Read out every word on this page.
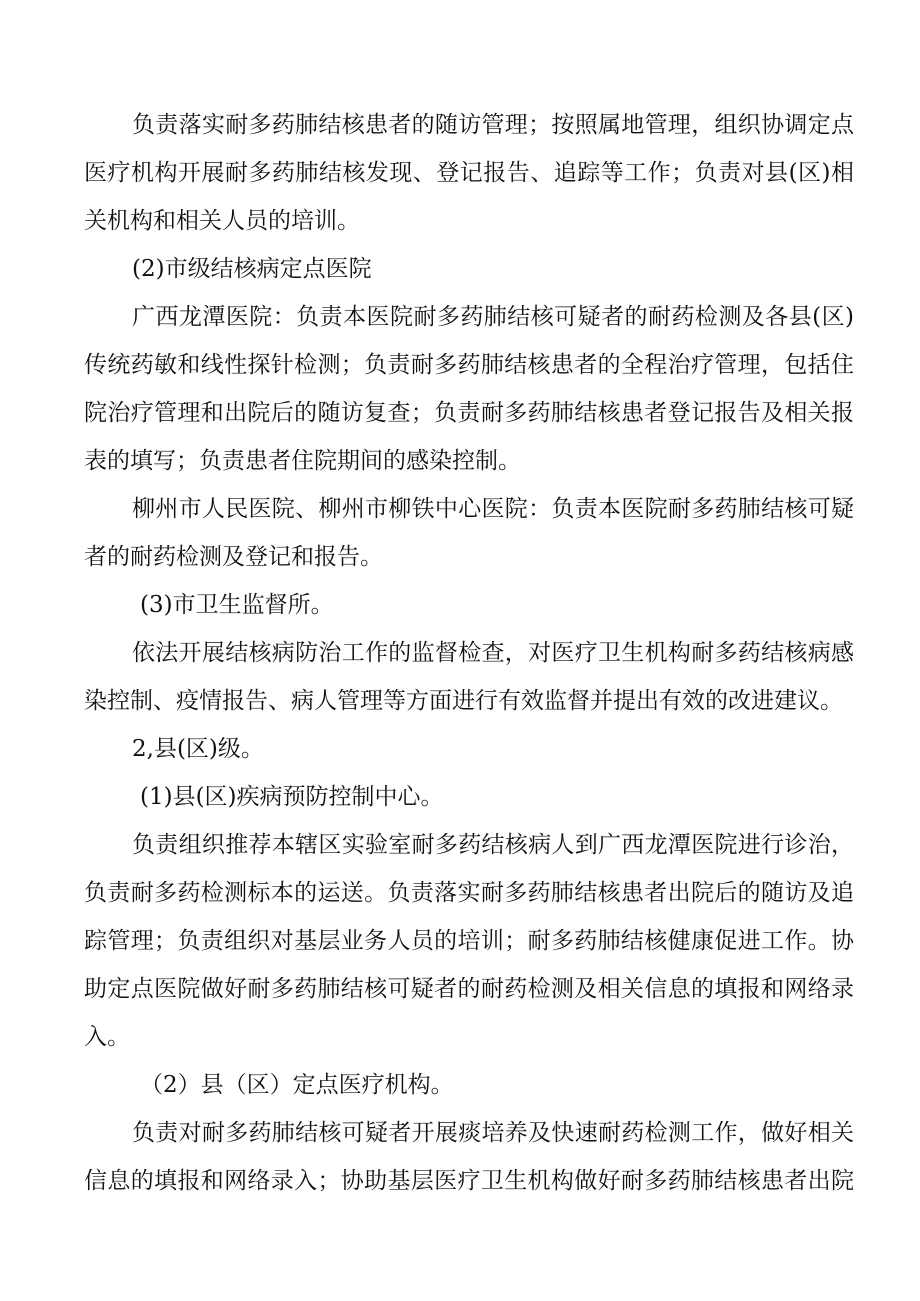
负责落实耐多药肺结核患者的随访管理；按照属地管理，组织协调定点
医疗机构开展耐多药肺结核发现、登记报告、追踪等工作；负责对县(区)相
关机构和相关人员的培训。
(2)市级结核病定点医院
广西龙潭医院：负责本医院耐多药肺结核可疑者的耐药检测及各县(区)
传统药敏和线性探针检测；负责耐多药肺结核患者的全程治疗管理，包括住
院治疗管理和出院后的随访复查；负责耐多药肺结核患者登记报告及相关报
表的填写；负责患者住院期间的感染控制。
柳州市人民医院、柳州市柳铁中心医院：负责本医院耐多药肺结核可疑
者的耐药检测及登记和报告。
(3)市卫生监督所。
依法开展结核病防治工作的监督检查，对医疗卫生机构耐多药结核病感
染控制、疫情报告、病人管理等方面进行有效监督并提出有效的改进建议。
2,县(区)级。
(1)县(区)疾病预防控制中心。
负责组织推荐本辖区实验室耐多药结核病人到广西龙潭医院进行诊治，
负责耐多药检测标本的运送。负责落实耐多药肺结核患者出院后的随访及追
踪管理；负责组织对基层业务人员的培训；耐多药肺结核健康促进工作。协
助定点医院做好耐多药肺结核可疑者的耐药检测及相关信息的填报和网络录
入。
（2）县（区）定点医疗机构。
负责对耐多药肺结核可疑者开展痰培养及快速耐药检测工作，做好相关
信息的填报和网络录入；协助基层医疗卫生机构做好耐多药肺结核患者出院
